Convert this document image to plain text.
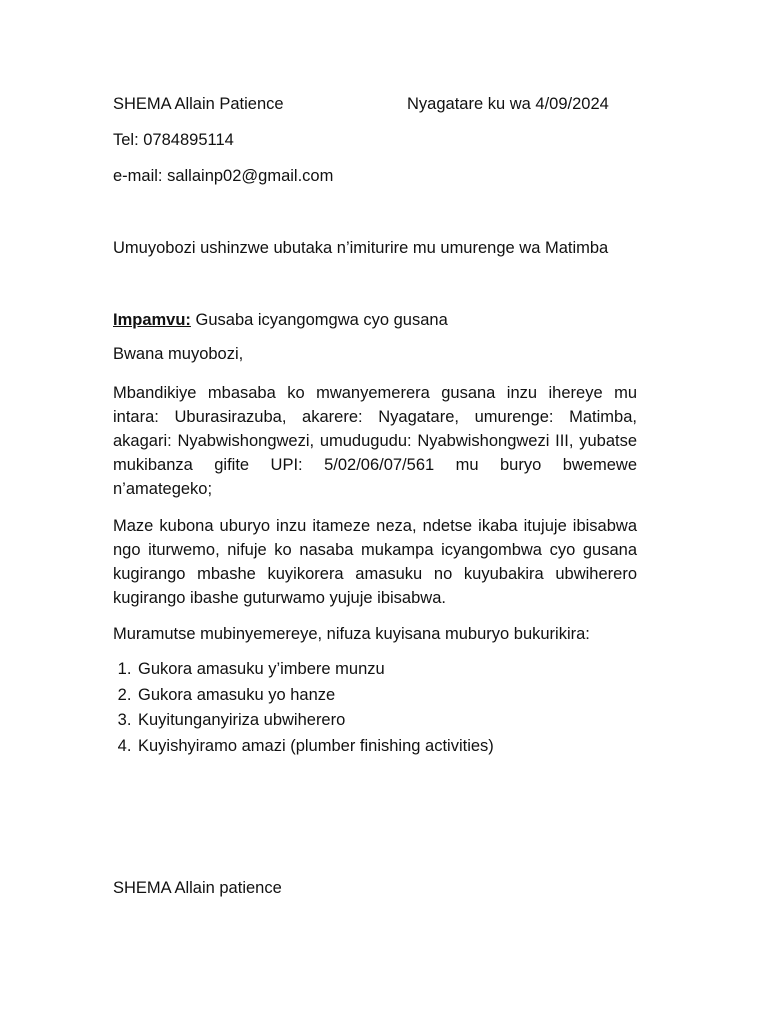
SHEMA Allain Patience	Nyagatare ku wa 4/09/2024
Tel: 0784895114
e-mail: sallainp02@gmail.com
Umuyobozi ushinzwe ubutaka n’imiturire mu umurenge wa Matimba
Impamvu: Gusaba icyangomgwa cyo gusana
Bwana muyobozi,

Mbandikiye mbasaba ko mwanyemerera gusana inzu ihereye mu intara: Uburasirazuba, akarere: Nyagatare, umurenge: Matimba, akagari: Nyabwishongwezi, umudugudu: Nyabwishongwezi III, yubatse mukibanza gifite UPI: 5/02/06/07/561 mu buryo bwemewe n’amategeko;

Maze kubona uburyo inzu itameze neza, ndetse ikaba itujuje ibisabwa ngo iturwemo, nifuje ko nasaba mukampa icyangombwa cyo gusana kugirango mbashe kuyikorera amasuku no kuyubakira ubwiherero kugirango ibashe guturwamo yujuje ibisabwa.

Muramutse mubinyemereye, nifuza kuyisana muburyo bukurikira:

1. Gukora amasuku y’imbere munzu
2. Gukora amasuku yo hanze
3. Kuyitunganyiriza ubwiherero
4. Kuyishyiramo amazi (plumber finishing activities)
SHEMA Allain patience
